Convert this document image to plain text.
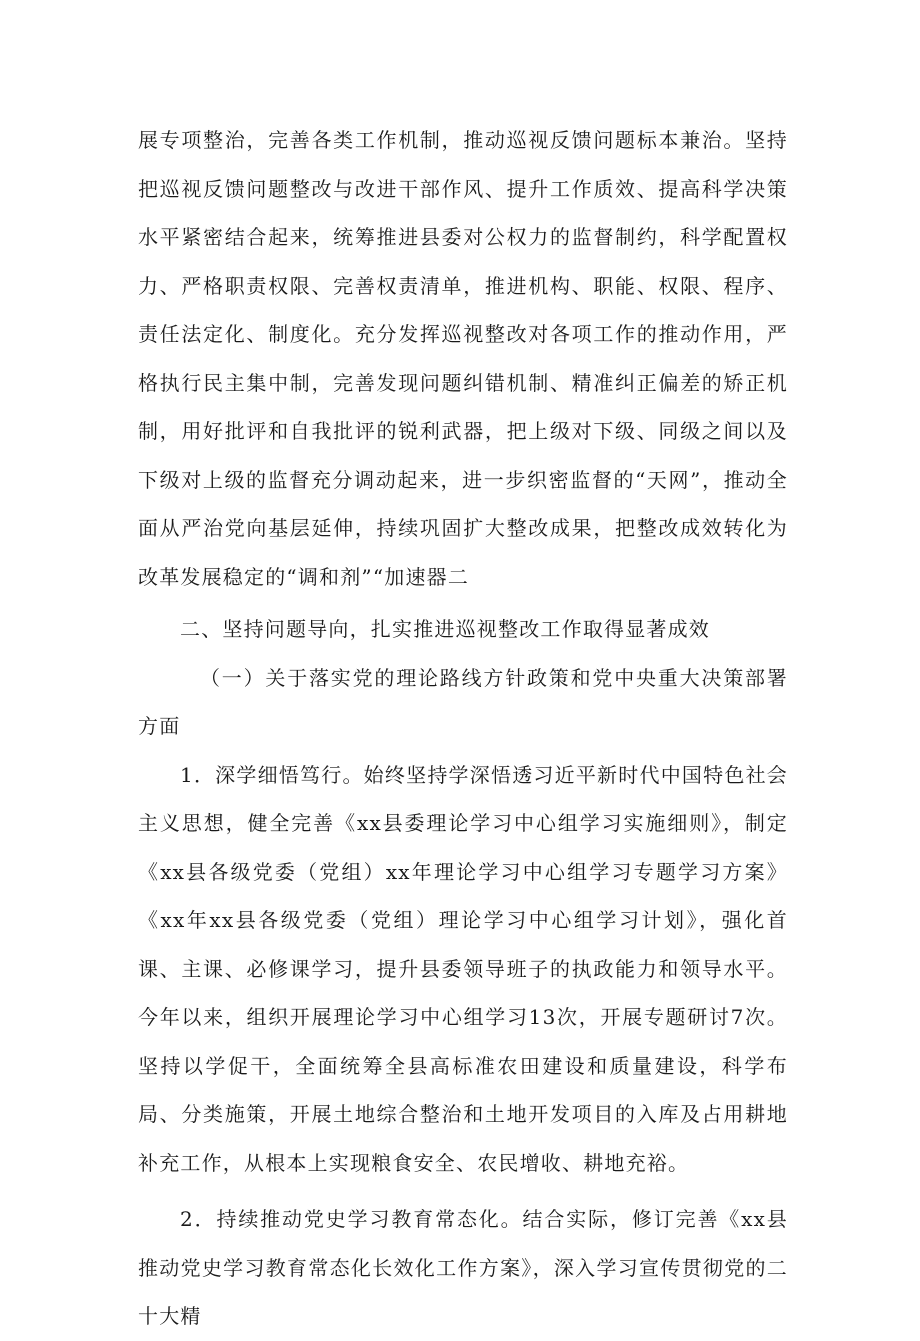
展专项整治，完善各类工作机制，推动巡视反馈问题标本兼治。坚持把巡视反馈问题整改与改进干部作风、提升工作质效、提高科学决策水平紧密结合起来，统筹推进县委对公权力的监督制约，科学配置权力、严格职责权限、完善权责清单，推进机构、职能、权限、程序、责任法定化、制度化。充分发挥巡视整改对各项工作的推动作用，严格执行民主集中制，完善发现问题纠错机制、精准纠正偏差的矫正机制，用好批评和自我批评的锐利武器，把上级对下级、同级之间以及下级对上级的监督充分调动起来，进一步织密监督的“天网”，推动全面从严治党向基层延伸，持续巩固扩大整改成果，把整改成效转化为改革发展稳定的“调和剂”“加速器二

二、坚持问题导向，扎实推进巡视整改工作取得显著成效

（一）关于落实党的理论路线方针政策和党中央重大决策部署方面

1．深学细悟笃行。始终坚持学深悟透习近平新时代中国特色社会主义思想，健全完善《xx县委理论学习中心组学习实施细则》，制定《xx县各级党委（党组）xx年理论学习中心组学习专题学习方案》《xx年xx县各级党委（党组）理论学习中心组学习计划》，强化首课、主课、必修课学习，提升县委领导班子的执政能力和领导水平。今年以来，组织开展理论学习中心组学习13次，开展专题研讨7次。坚持以学促干，全面统筹全县高标准农田建设和质量建设，科学布局、分类施策，开展土地综合整治和土地开发项目的入库及占用耕地补充工作，从根本上实现粮食安全、农民增收、耕地充裕。

2．持续推动党史学习教育常态化。结合实际，修订完善《xx县推动党史学习教育常态化长效化工作方案》，深入学习宣传贯彻党的二十大精
